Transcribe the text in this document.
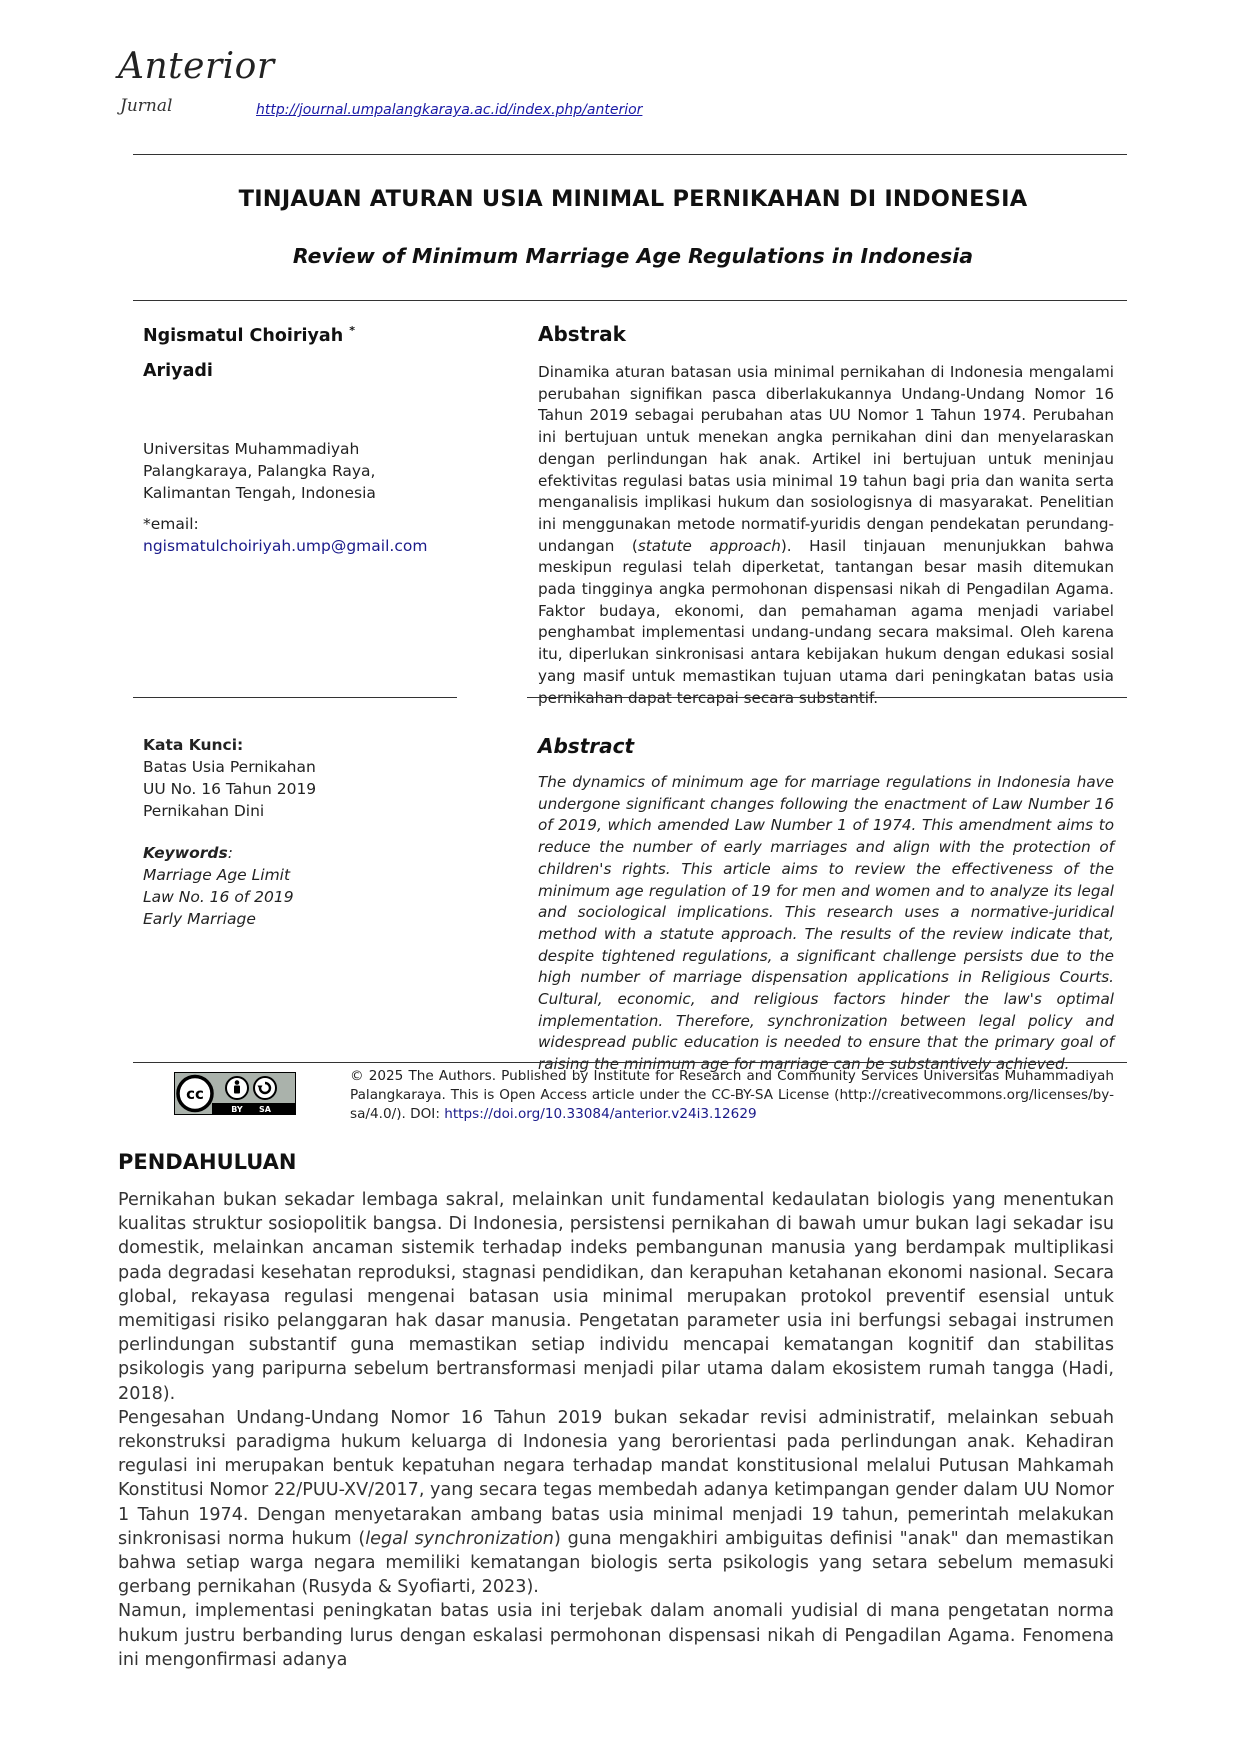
Anterior
Jurnal	http://journal.umpalangkaraya.ac.id/index.php/anterior
TINJAUAN ATURAN USIA MINIMAL PERNIKAHAN DI INDONESIA
Review of Minimum Marriage Age Regulations in Indonesia
Ngismatul Choiriyah *
Ariyadi
Universitas Muhammadiyah Palangkaraya, Palangka Raya, Kalimantan Tengah, Indonesia
*email:
ngismatulchoiriyah.ump@gmail.com
Abstrak
Dinamika aturan batasan usia minimal pernikahan di Indonesia mengalami perubahan signifikan pasca diberlakukannya Undang-Undang Nomor 16 Tahun 2019 sebagai perubahan atas UU Nomor 1 Tahun 1974. Perubahan ini bertujuan untuk menekan angka pernikahan dini dan menyelaraskan dengan perlindungan hak anak. Artikel ini bertujuan untuk meninjau efektivitas regulasi batas usia minimal 19 tahun bagi pria dan wanita serta menganalisis implikasi hukum dan sosiologisnya di masyarakat. Penelitian ini menggunakan metode normatif-yuridis dengan pendekatan perundang-undangan (statute approach). Hasil tinjauan menunjukkan bahwa meskipun regulasi telah diperketat, tantangan besar masih ditemukan pada tingginya angka permohonan dispensasi nikah di Pengadilan Agama. Faktor budaya, ekonomi, dan pemahaman agama menjadi variabel penghambat implementasi undang-undang secara maksimal. Oleh karena itu, diperlukan sinkronisasi antara kebijakan hukum dengan edukasi sosial yang masif untuk memastikan tujuan utama dari peningkatan batas usia pernikahan dapat tercapai secara substantif.
Kata Kunci:
Batas Usia Pernikahan
UU No. 16 Tahun 2019
Pernikahan Dini
Keywords:
Marriage Age Limit
Law No. 16 of 2019
Early Marriage
Abstract
The dynamics of minimum age for marriage regulations in Indonesia have undergone significant changes following the enactment of Law Number 16 of 2019, which amended Law Number 1 of 1974. This amendment aims to reduce the number of early marriages and align with the protection of children's rights. This article aims to review the effectiveness of the minimum age regulation of 19 for men and women and to analyze its legal and sociological implications. This research uses a normative-juridical method with a statute approach. The results of the review indicate that, despite tightened regulations, a significant challenge persists due to the high number of marriage dispensation applications in Religious Courts. Cultural, economic, and religious factors hinder the law's optimal implementation. Therefore, synchronization between legal policy and widespread public education is needed to ensure that the primary goal of raising the minimum age for marriage can be substantively achieved.
cc
BY SA
© 2025 The Authors. Published by Institute for Research and Community Services Universitas Muhammadiyah Palangkaraya. This is Open Access article under the CC-BY-SA License (http://creativecommons.org/licenses/by-sa/4.0/). DOI: https://doi.org/10.33084/anterior.v24i3.12629
PENDAHULUAN

Pernikahan bukan sekadar lembaga sakral, melainkan unit fundamental kedaulatan biologis yang menentukan kualitas struktur sosiopolitik bangsa. Di Indonesia, persistensi pernikahan di bawah umur bukan lagi sekadar isu domestik, melainkan ancaman sistemik terhadap indeks pembangunan manusia yang berdampak multiplikasi pada degradasi kesehatan reproduksi, stagnasi pendidikan, dan kerapuhan ketahanan ekonomi nasional. Secara global, rekayasa regulasi mengenai batasan usia minimal merupakan protokol preventif esensial untuk memitigasi risiko pelanggaran hak dasar manusia. Pengetatan parameter usia ini berfungsi sebagai instrumen perlindungan substantif guna memastikan setiap individu mencapai kematangan kognitif dan stabilitas psikologis yang paripurna sebelum bertransformasi menjadi pilar utama dalam ekosistem rumah tangga (Hadi, 2018).

Pengesahan Undang-Undang Nomor 16 Tahun 2019 bukan sekadar revisi administratif, melainkan sebuah rekonstruksi paradigma hukum keluarga di Indonesia yang berorientasi pada perlindungan anak. Kehadiran regulasi ini merupakan bentuk kepatuhan negara terhadap mandat konstitusional melalui Putusan Mahkamah Konstitusi Nomor 22/PUU-XV/2017, yang secara tegas membedah adanya ketimpangan gender dalam UU Nomor 1 Tahun 1974. Dengan menyetarakan ambang batas usia minimal menjadi 19 tahun, pemerintah melakukan sinkronisasi norma hukum (legal synchronization) guna mengakhiri ambiguitas definisi "anak" dan memastikan bahwa setiap warga negara memiliki kematangan biologis serta psikologis yang setara sebelum memasuki gerbang pernikahan (Rusyda & Syofiarti, 2023).

Namun, implementasi peningkatan batas usia ini terjebak dalam anomali yudisial di mana pengetatan norma hukum justru berbanding lurus dengan eskalasi permohonan dispensasi nikah di Pengadilan Agama. Fenomena ini mengonfirmasi adanya
